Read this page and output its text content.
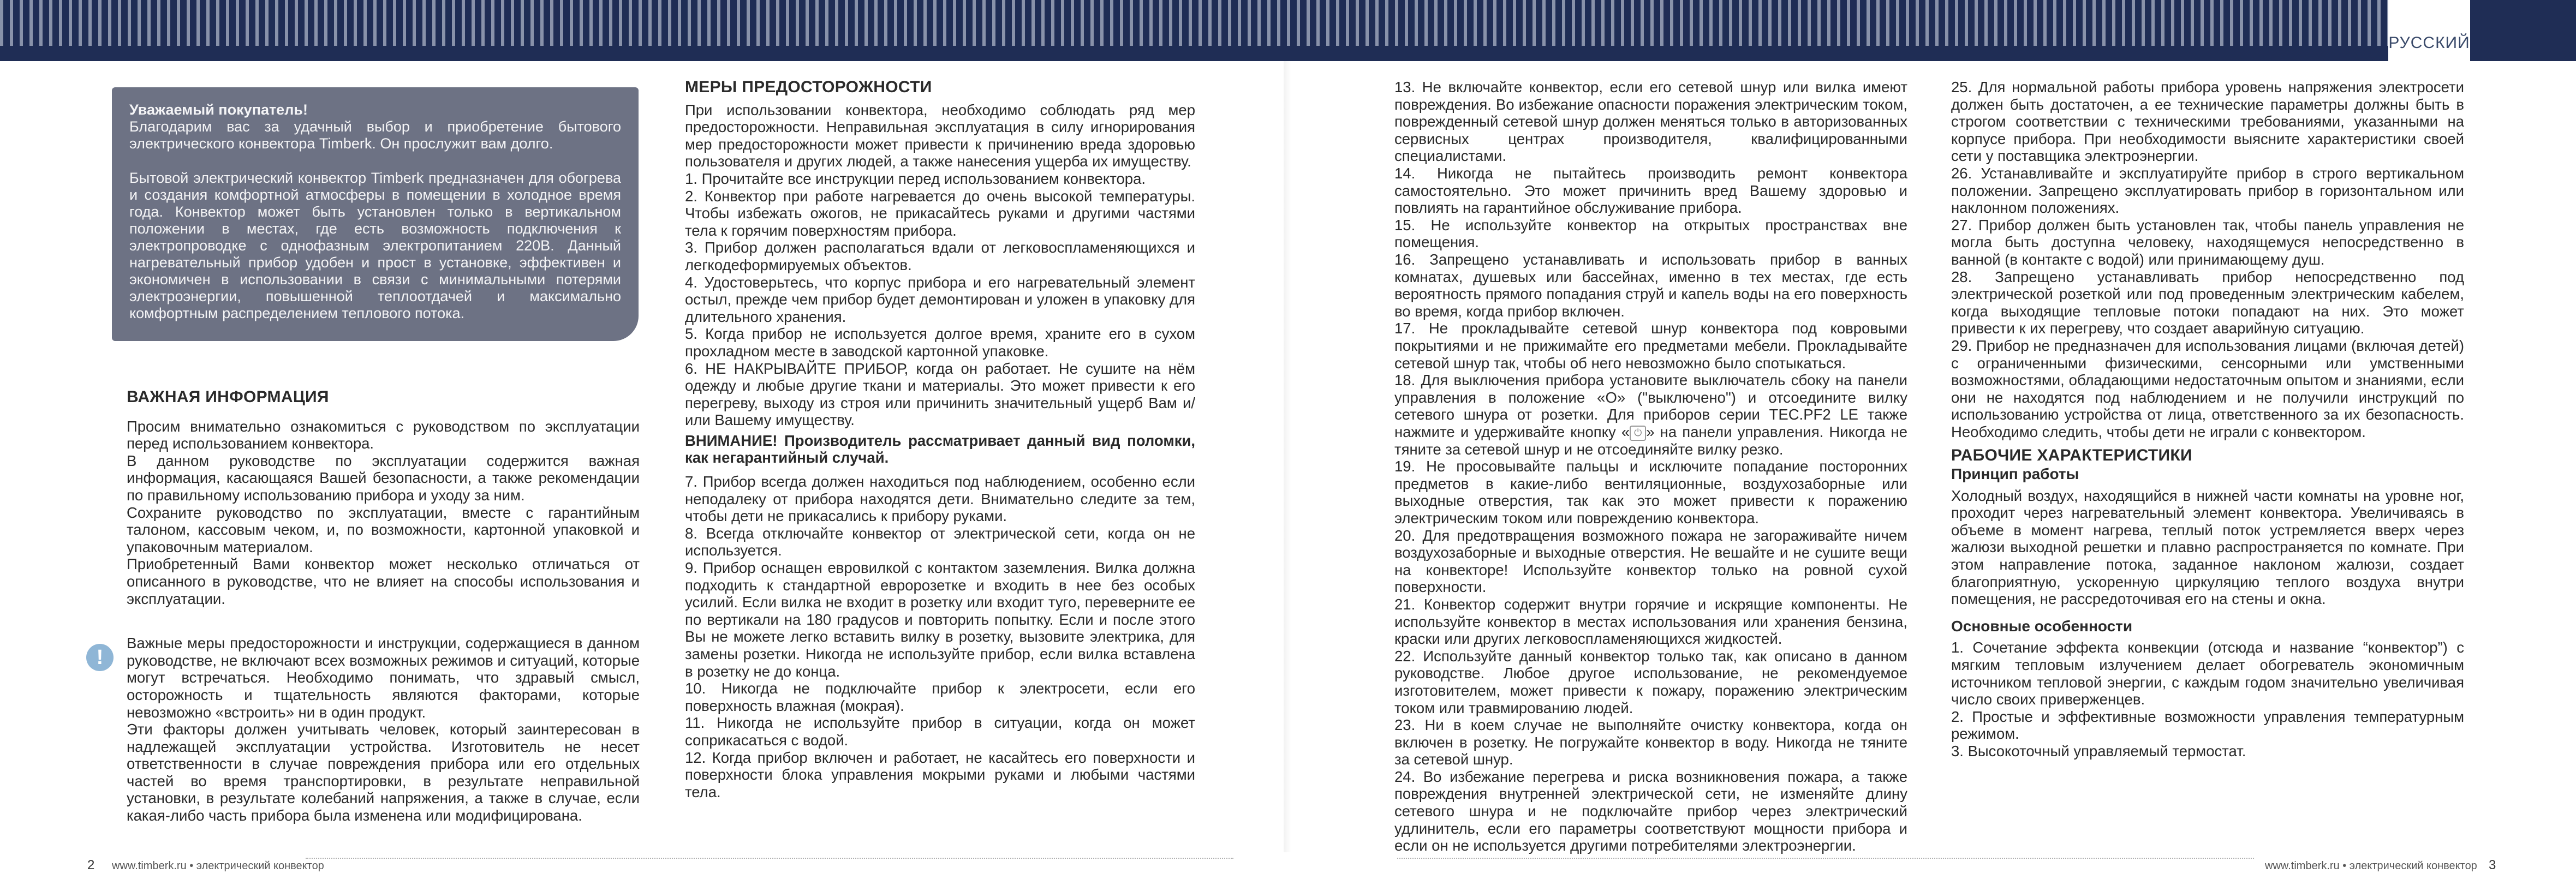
РУССКИЙ

Уважаемый покупатель!

Благодарим вас за удачный выбор и приобретение бытового электрического конвектора Timberk. Он прослужит вам долго.

Бытовой электрический конвектор Timberk предназначен для обогрева и создания комфортной атмосферы в помещении в холодное время года. Конвектор может быть установлен только в вертикальном положении в местах, где есть возможность подключения к электропроводке с однофазным электропитанием 220В. Данный нагревательный прибор удобен и прост в установке, эффективен и экономичен в использовании в связи с минимальными потерями электроэнергии, повышенной теплоотдачей и максимально комфортным распределением теплового потока.

ВАЖНАЯ ИНФОРМАЦИЯ

Просим внимательно ознакомиться с руководством по эксплуатации перед использованием конвектора.

В данном руководстве по эксплуатации содержится важная информация, касающаяся Вашей безопасности, а также рекомендации по правильному использованию прибора и уходу за ним.

Сохраните руководство по эксплуатации, вместе с гарантийным талоном, кассовым чеком, и, по возможности, картонной упаковкой и упаковочным материалом.

Приобретенный Вами конвектор может несколько отличаться от описанного в руководстве, что не влияет на способы использования и эксплуатации.

Важные меры предосторожности и инструкции, содержащиеся в данном руководстве, не включают всех возможных режимов и ситуаций, которые могут встречаться. Необходимо понимать, что здравый смысл, осторожность и тщательность являются факторами, которые невозможно «встроить» ни в один продукт.

Эти факторы должен учитывать человек, который заинтересован в надлежащей эксплуатации устройства. Изготовитель не несет ответственности в случае повреждения прибора или его отдельных частей во время транспортировки, в результате неправильной установки, в результате колебаний напряжения, а также в случае, если какая-либо часть прибора была изменена или модифицирована.

!

МЕРЫ ПРЕДОСТОРОЖНОСТИ

При использовании конвектора, необходимо соблюдать ряд мер предосторожности. Неправильная эксплуатация в силу игнорирования мер предосторожности может привести к причинению вреда здоровью пользователя и других людей, а также нанесения ущерба их имуществу.

1. Прочитайте все инструкции перед использованием конвектора.

2. Конвектор при работе нагревается до очень высокой температуры. Чтобы избежать ожогов, не прикасайтесь руками и другими частями тела к горячим поверхностям прибора.

3. Прибор должен располагаться вдали от легковоспламеняющихся и легкодеформируемых объектов.

4. Удостоверьтесь, что корпус прибора и его нагревательный элемент остыл, прежде чем прибор будет демонтирован и уложен в упаковку для длительного хранения.

5. Когда прибор не используется долгое время, храните его в сухом прохладном месте в заводской картонной упаковке.

6. НЕ НАКРЫВАЙТЕ ПРИБОР, когда он работает. Не сушите на нём одежду и любые другие ткани и материалы. Это может привести к его перегреву, выходу из строя или причинить значительный ущерб Вам и/или Вашему имуществу.

ВНИМАНИЕ! Производитель рассматривает данный вид поломки, как негарантийный случай.

7. Прибор всегда должен находиться под наблюдением, особенно если неподалеку от прибора находятся дети. Внимательно следите за тем, чтобы дети не прикасались к прибору руками.

8. Всегда отключайте конвектор от электрической сети, когда он не используется.

9. Прибор оснащен евровилкой с контактом заземления. Вилка должна подходить к стандартной евророзетке и входить в нее без особых усилий. Если вилка не входит в розетку или входит туго, переверните ее по вертикали на 180 градусов и повторить попытку. Если и после этого Вы не можете легко вставить вилку в розетку, вызовите электрика, для замены розетки. Никогда не используйте прибор, если вилка вставлена в розетку не до конца.

10. Никогда не подключайте прибор к электросети, если его поверхность влажная (мокрая).

11. Никогда не используйте прибор в ситуации, когда он может соприкасаться с водой.

12. Когда прибор включен и работает, не касайтесь его поверхности и поверхности блока управления мокрыми руками и любыми частями тела.

13. Не включайте конвектор, если его сетевой шнур или вилка имеют повреждения. Во избежание опасности поражения электрическим током, поврежденный сетевой шнур должен меняться только в авторизованных сервисных центрах производителя, квалифицированными специалистами.

14. Никогда не пытайтесь производить ремонт конвектора самостоятельно. Это может причинить вред Вашему здоровью и повлиять на гарантийное обслуживание прибора.

15. Не используйте конвектор на открытых пространствах вне помещения.

16. Запрещено устанавливать и использовать прибор в ванных комнатах, душевых или бассейнах, именно в тех местах, где есть вероятность прямого попадания струй и капель воды на его поверхность во время, когда прибор включен.

17. Не прокладывайте сетевой шнур конвектора под ковровыми покрытиями и не прижимайте его предметами мебели. Прокладывайте сетевой шнур так, чтобы об него невозможно было спотыкаться.

18. Для выключения прибора установите выключатель сбоку на панели управления в положение «О» ("выключено") и отсоедините вилку сетевого шнура от розетки. Для приборов серии TEC.PF2 LE также нажмите и удерживайте кнопку « ⏻ » на панели управления. Никогда не тяните за сетевой шнур и не отсоединяйте вилку резко.

19. Не просовывайте пальцы и исключите попадание посторонних предметов в какие-либо вентиляционные, воздухозаборные или выходные отверстия, так как это может привести к поражению электрическим током или повреждению конвектора.

20. Для предотвращения возможного пожара не загораживайте ничем воздухозаборные и выходные отверстия. Не вешайте и не сушите вещи на конвекторе! Используйте конвектор только на ровной сухой поверхности.

21. Конвектор содержит внутри горячие и искрящие компоненты. Не используйте конвектор в местах использования или хранения бензина, краски или других легковоспламеняющихся жидкостей.

22. Используйте данный конвектор только так, как описано в данном руководстве. Любое другое использование, не рекомендуемое изготовителем, может привести к пожару, поражению электрическим током или травмированию людей.

23. Ни в коем случае не выполняйте очистку конвектора, когда он включен в розетку. Не погружайте конвектор в воду. Никогда не тяните за сетевой шнур.

24. Во избежание перегрева и риска возникновения пожара, а также повреждения внутренней электрической сети, не изменяйте длину сетевого шнура и не подключайте прибор через электрический удлинитель, если его параметры соответствуют мощности прибора и если он не используется другими потребителями электроэнергии.

25. Для нормальной работы прибора уровень напряжения электросети должен быть достаточен, а ее технические параметры должны быть в строгом соответствии с техническими требованиями, указанными на корпусе прибора. При необходимости выясните характеристики своей сети у поставщика электроэнергии.

26. Устанавливайте и эксплуатируйте прибор в строго вертикальном положении. Запрещено эксплуатировать прибор в горизонтальном или наклонном положениях.

27. Прибор должен быть установлен так, чтобы панель управления не могла быть доступна человеку, находящемуся непосредственно в ванной (в контакте с водой) или принимающему душ.

28. Запрещено устанавливать прибор непосредственно под электрической розеткой или под проведенным электрическим кабелем, когда выходящие тепловые потоки попадают на них. Это может привести к их перегреву, что создает аварийную ситуацию.

29. Прибор не предназначен для использования лицами (включая детей) с ограниченными физическими, сенсорными или умственными возможностями, обладающими недостаточным опытом и знаниями, если они не находятся под наблюдением и не получили инструкций по использованию устройства от лица, ответственного за их безопасность. Необходимо следить, чтобы дети не играли с конвектором.

РАБОЧИЕ ХАРАКТЕРИСТИКИ

Принцип работы

Холодный воздух, находящийся в нижней части комнаты на уровне ног, проходит через нагревательный элемент конвектора. Увеличиваясь в объеме в момент нагрева, теплый поток устремляется вверх через жалюзи выходной решетки и плавно распространяется по комнате. При этом направление потока, заданное наклоном жалюзи, создает благоприятную, ускоренную циркуляцию теплого воздуха внутри помещения, не рассредоточивая его на стены и окна.

Основные особенности

1. Сочетание эффекта конвекции (отсюда и название “конвектор”) с мягким тепловым излучением делает обогреватель экономичным источником тепловой энергии, с каждым годом значительно увеличивая число своих приверженцев.

2. Простые и эффективные возможности управления температурным режимом.

3. Высокоточный управляемый термостат.

2 www.timberk.ru • электрический конвектор	www.timberk.ru • электрический конвектор 3
